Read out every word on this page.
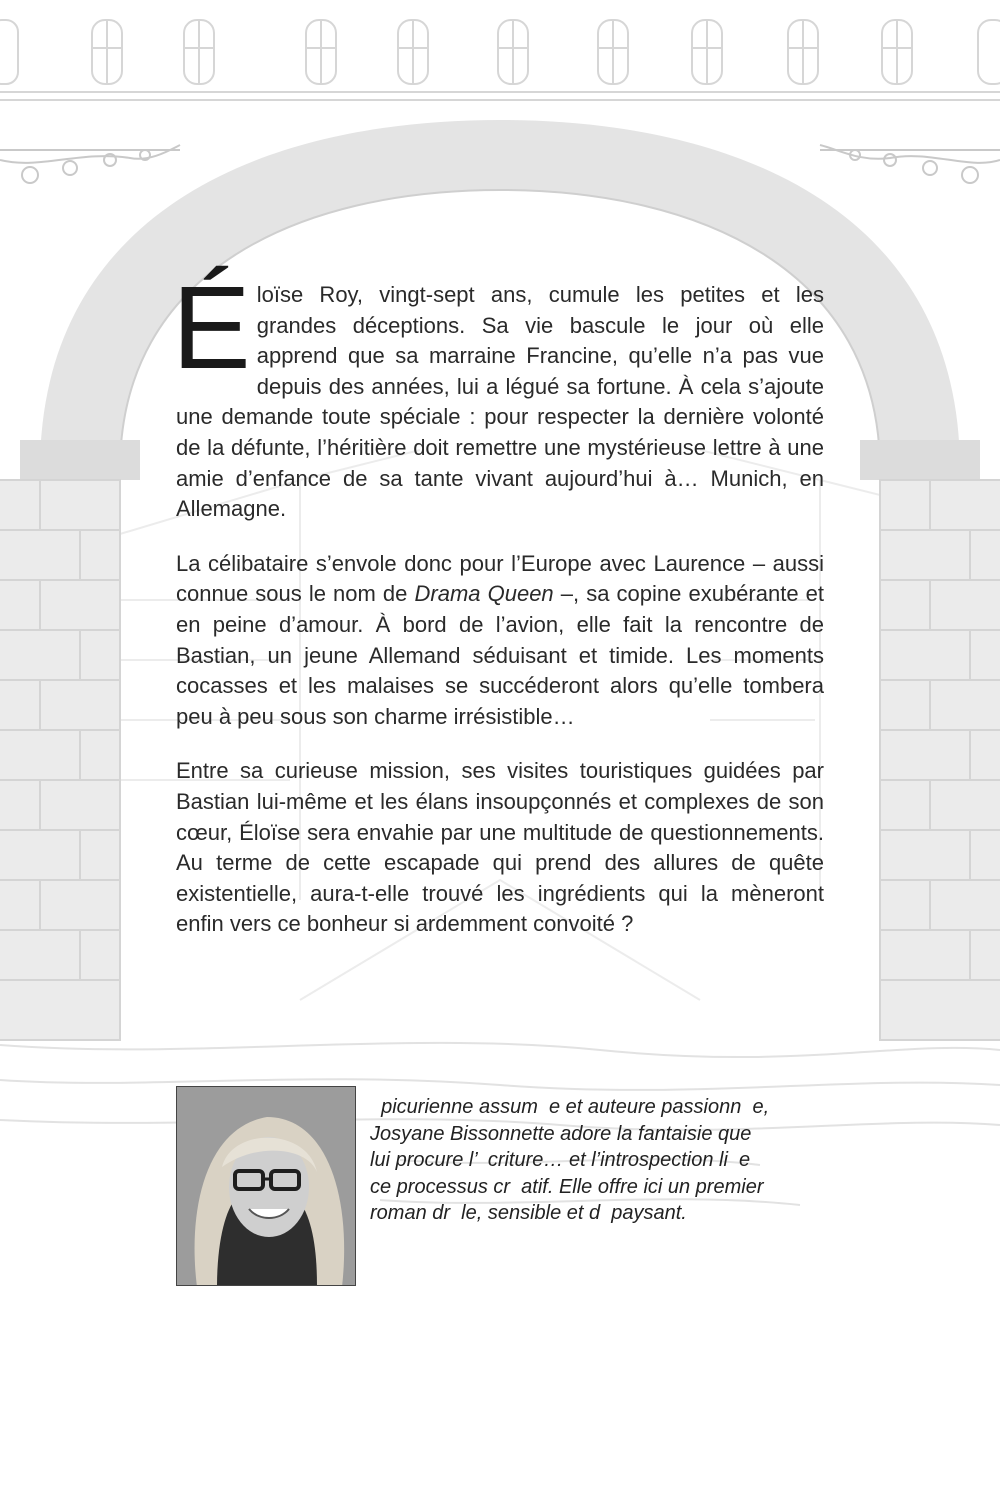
Éloïse Roy, vingt-sept ans, cumule les petites et les grandes déceptions. Sa vie bascule le jour où elle apprend que sa marraine Francine, qu’elle n’a pas vue depuis des années, lui a légué sa fortune. À cela s’ajoute une demande toute spéciale : pour respecter la dernière volonté de la défunte, l’héritière doit remettre une mystérieuse lettre à une amie d’enfance de sa tante vivant aujourd’hui à… Munich, en Allemagne.

La célibataire s’envole donc pour l’Europe avec Laurence – aussi connue sous le nom de Drama Queen –, sa copine exubérante et en peine d’amour. À bord de l’avion, elle fait la rencontre de Bastian, un jeune Allemand séduisant et timide. Les moments cocasses et les malaises se succéderont alors qu’elle tombera peu à peu sous son charme irrésistible…

Entre sa curieuse mission, ses visites touristiques guidées par Bastian lui-même et les élans insoupçonnés et complexes de son cœur, Éloïse sera envahie par une multitude de questionnements. Au terme de cette escapade qui prend des allures de quête existentielle, aura-t-elle trouvé les ingrédients qui la mèneront enfin vers ce bonheur si ardemment convoité ?

picurienne assum  e et auteure passionn  e,

Josyane Bissonnette adore la fantaisie que

lui procure l’  criture… et l’introspection li  e

ce processus cr  atif. Elle offre ici un premier

roman dr  le, sensible et d  paysant.
